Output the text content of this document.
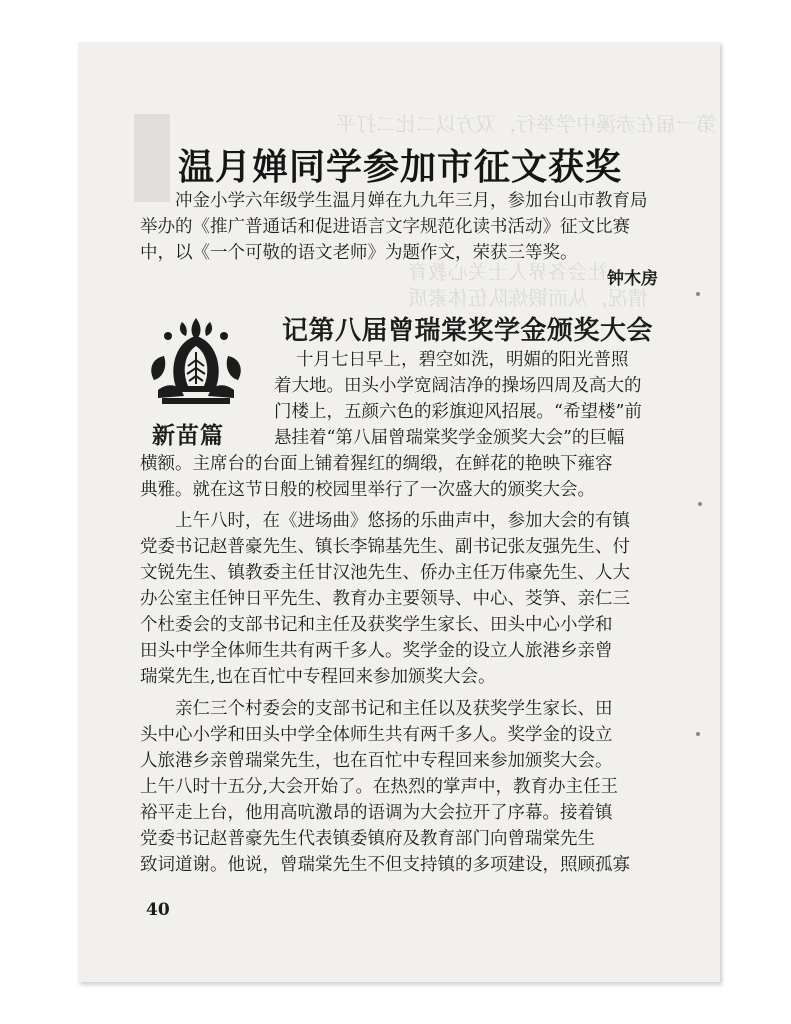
第一届在赤溪中学举行，双方以二比二打平
社会各界人士关心教育
情况，从而锻炼队伍体素质
温月婵同学参加市征文获奖

冲金小学六年级学生温月婵在九九年三月，参加台山市教育局举办的《推广普通话和促进语言文字规范化读书活动》征文比赛中，以《一个可敬的语文老师》为题作文，荣获三等奖。

钟木房
新苗篇
记第八届曾瑞棠奖学金颁奖大会

十月七日早上，碧空如洗，明媚的阳光普照

着大地。田头小学宽阔洁净的操场四周及高大的

门楼上，五颜六色的彩旗迎风招展。“希望楼”前

悬挂着“第八届曾瑞棠奖学金颁奖大会”的巨幅

横额。主席台的台面上铺着猩红的绸缎，在鲜花的艳映下雍容

典雅。就在这节日般的校园里举行了一次盛大的颁奖大会。

上午八时，在《进场曲》悠扬的乐曲声中，参加大会的有镇

党委书记赵普豪先生、镇长李锦基先生、副书记张友强先生、付

文锐先生、镇教委主任甘汉池先生、侨办主任万伟豪先生、人大

办公室主任钟日平先生、教育办主要领导、中心、茭笋、亲仁三

个杜委会的支部书记和主任及获奖学生家长、田头中心小学和

田头中学全体师生共有两千多人。奖学金的设立人旅港乡亲曾

瑞棠先生,也在百忙中专程回来参加颁奖大会。

亲仁三个村委会的支部书记和主任以及获奖学生家长、田

头中心小学和田头中学全体师生共有两千多人。奖学金的设立

人旅港乡亲曾瑞棠先生，也在百忙中专程回来参加颁奖大会。

上午八时十五分,大会开始了。在热烈的掌声中，教育办主任王

裕平走上台，他用高吭激昂的语调为大会拉开了序幕。接着镇

党委书记赵普豪先生代表镇委镇府及教育部门向曾瑞棠先生

致词道谢。他说，曾瑞棠先生不但支持镇的多项建设，照顾孤寡

40
